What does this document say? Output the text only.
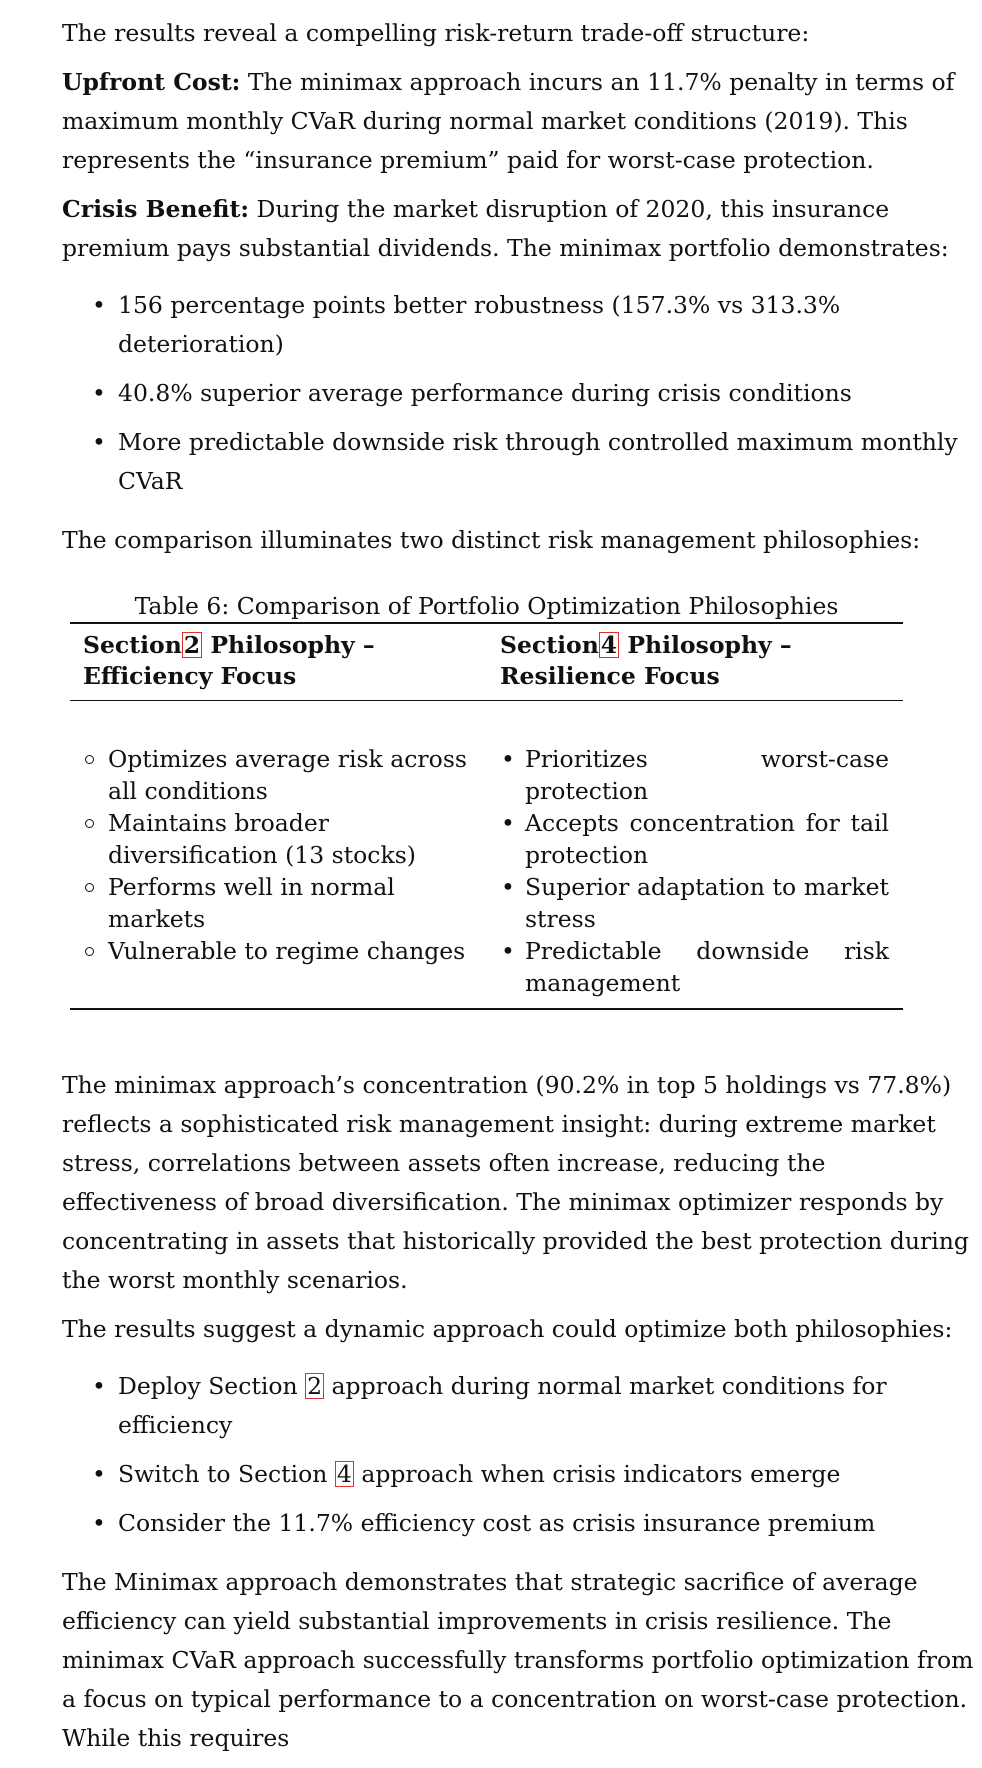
The results reveal a compelling risk-return trade-off structure:

Upfront Cost: The minimax approach incurs an 11.7% penalty in terms of maximum monthly CVaR during normal market conditions (2019). This represents the “insurance premium” paid for worst-case protection.

Crisis Benefit: During the market disruption of 2020, this insurance premium pays substantial dividends. The minimax portfolio demonstrates:

• 156 percentage points better robustness (157.3% vs 313.3% deterioration)
• 40.8% superior average performance during crisis conditions
• More predictable downside risk through controlled maximum monthly CVaR

The comparison illuminates two distinct risk management philosophies:

Table 6: Comparison of Portfolio Optimization Philosophies
Section2 Philosophy –
Efficiency Focus
Section4 Philosophy –
Resilience Focus
Optimizes average risk across all conditions
Maintains broader diversification (13 stocks)
Performs well in normal markets
Vulnerable to regime changes
• Prioritizes worst-case protection
• Accepts concentration for tail protection
• Superior adaptation to market stress
• Predictable downside risk management

The minimax approach’s concentration (90.2% in top 5 holdings vs 77.8%) reflects a sophisticated risk management insight: during extreme market stress, correlations between assets often increase, reducing the effectiveness of broad diversification. The minimax optimizer responds by concentrating in assets that historically provided the best protection during the worst monthly scenarios.

The results suggest a dynamic approach could optimize both philosophies:

• Deploy Section 2 approach during normal market conditions for efficiency
• Switch to Section 4 approach when crisis indicators emerge
• Consider the 11.7% efficiency cost as crisis insurance premium

The Minimax approach demonstrates that strategic sacrifice of average efficiency can yield substantial improvements in crisis resilience. The minimax CVaR approach successfully transforms portfolio optimization from a focus on typical performance to a concentration on worst-case protection. While this requires
